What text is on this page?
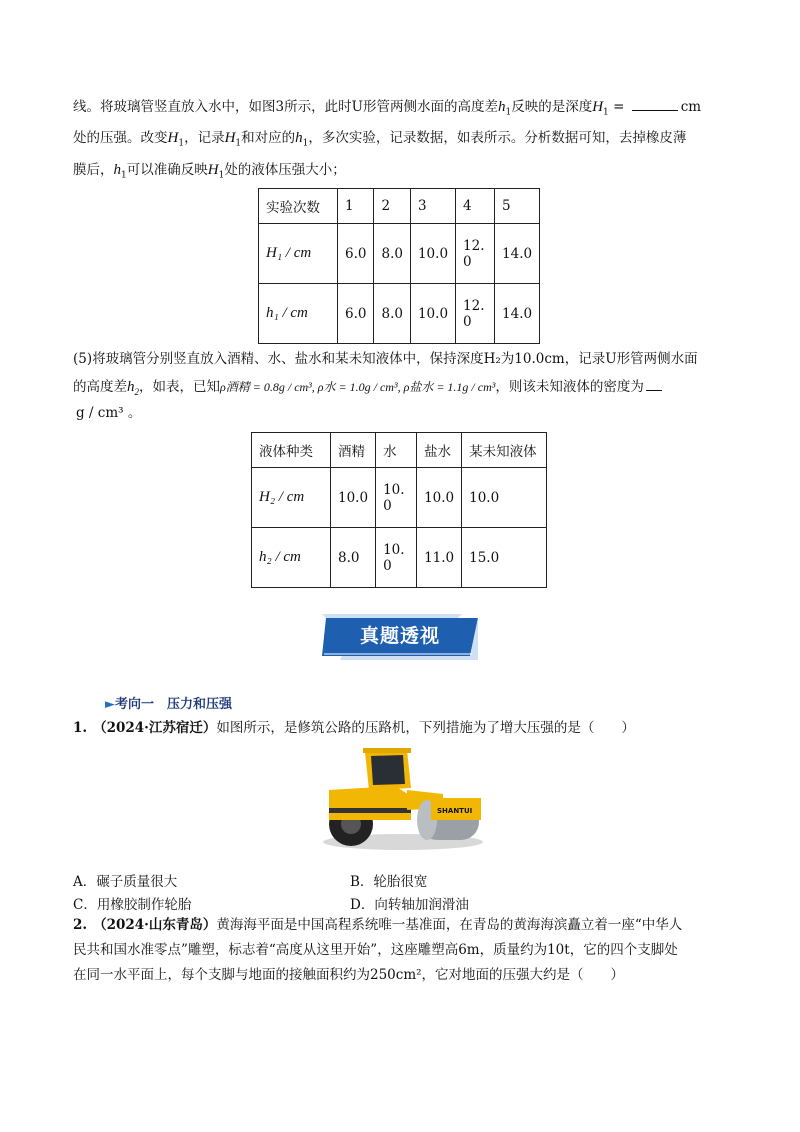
线。将玻璃管竖直放入水中，如图3所示，此时U形管两侧水面的高度差$h_1$反映的是深度$H_1$ =	cm
处的压强。改变$H_1$，记录$H_1$和对应的$h_1$，多次实验，记录数据，如表所示。分析数据可知，去掉橡皮薄
膜后，$h_1$可以准确反映$H_1$处的液体压强大小；
实验次数	1	2	3	4	5
H₁ / cm	6.0	8.0	10.0	12.0	14.0
h₁ / cm	6.0	8.0	10.0	12.0	14.0
(5)将玻璃管分别竖直放入酒精、水、盐水和某未知液体中，保持深度H₂为10.0cm，记录U形管两侧水面
的高度差$h_2$，如表，已知ρ酒精 = 0.8g / cm³, ρ水 = 1.0g / cm³, ρ盐水 = 1.1g / cm³，则该未知液体的密度为
g / cm³ 。
液体种类	酒精	水	盐水	某未知液体
H₂ / cm	10.0	10.0	10.0	10.0
h₂ / cm	8.0	10.0	11.0	15.0
真题透视
►考向一　压力和压强
1. （2024·江苏宿迁）如图所示，是修筑公路的压路机，下列措施为了增大压强的是（　　）
SHANTUI
A．碾子质量很大	B．轮胎很宽
C．用橡胶制作轮胎	D．向转轴加润滑油
2. （2024·山东青岛）黄海海平面是中国高程系统唯一基准面，在青岛的黄海海滨矗立着一座“中华人
民共和国水准零点”雕塑，标志着“高度从这里开始”，这座雕塑高6m，质量约为10t，它的四个支脚处
在同一水平面上，每个支脚与地面的接触面积约为250cm²，它对地面的压强大约是（　　）
